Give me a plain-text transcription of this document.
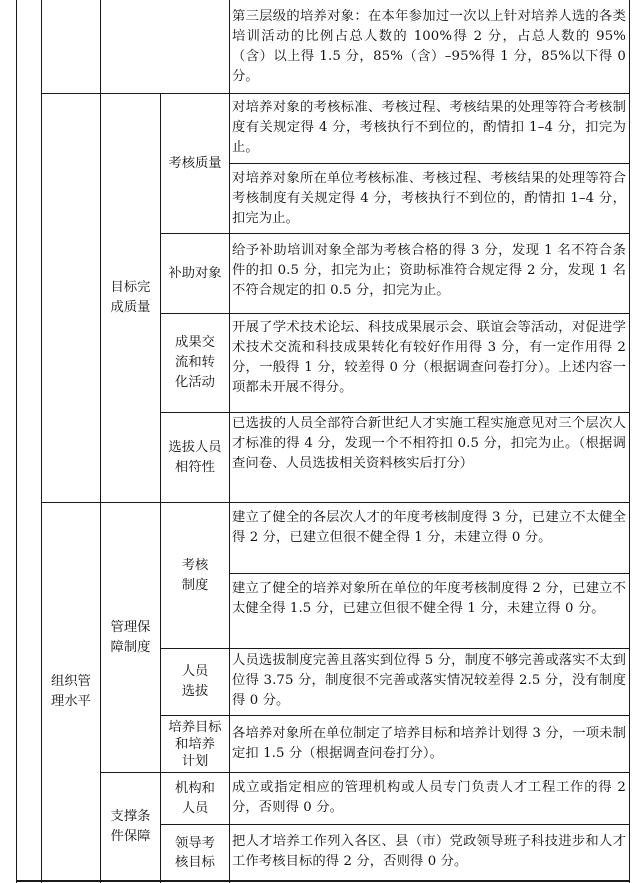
组织管
理水平
目标完
成质量
管理保
障制度
支撑条
件保障
考核质量
补助对象
成果交
流和转
化活动
选拔人员
相符性
考核
制度
人员
选拔
培养目标
和培养
计划
机构和
人员
领导考
核目标
第三层级的培养对象：在本年参加过一次以上针对培养人选的各类培训活动的比例占总人数的 100%得 2 分，占总人数的 95%（含）以上得 1.5 分，85%（含）–95%得 1 分，85%以下得 0 分。
对培养对象的考核标准、考核过程、考核结果的处理等符合考核制度有关规定得 4 分，考核执行不到位的，酌情扣 1–4 分，扣完为止。
对培养对象所在单位考核标准、考核过程、考核结果的处理等符合考核制度有关规定得 4 分，考核执行不到位的，酌情扣 1–4 分，扣完为止。
给予补助培训对象全部为考核合格的得 3 分，发现 1 名不符合条件的扣 0.5 分，扣完为止；资助标准符合规定得 2 分，发现 1 名不符合规定的扣 0.5 分，扣完为止。
开展了学术技术论坛、科技成果展示会、联谊会等活动，对促进学术技术交流和科技成果转化有较好作用得 3 分，有一定作用得 2 分，一般得 1 分，较差得 0 分（根据调查问卷打分）。上述内容一项都未开展不得分。
已选拔的人员全部符合新世纪人才实施工程实施意见对三个层次人才标准的得 4 分，发现一个不相符扣 0.5 分，扣完为止。（根据调查问卷、人员选拔相关资料核实后打分）
建立了健全的各层次人才的年度考核制度得 3 分，已建立不太健全得 2 分，已建立但很不健全得 1 分，未建立得 0 分。
建立了健全的培养对象所在单位的年度考核制度得 2 分，已建立不太健全得 1.5 分，已建立但很不健全得 1 分，未建立得 0 分。
人员选拔制度完善且落实到位得 5 分，制度不够完善或落实不太到位得 3.75 分，制度很不完善或落实情况较差得 2.5 分，没有制度得 0 分。
各培养对象所在单位制定了培养目标和培养计划得 3 分，一项未制定扣 1.5 分（根据调查问卷打分）。
成立或指定相应的管理机构或人员专门负责人才工程工作的得 2 分，否则得 0 分。
把人才培养工作列入各区、县（市）党政领导班子科技进步和人才工作考核目标的得 2 分，否则得 0 分。
